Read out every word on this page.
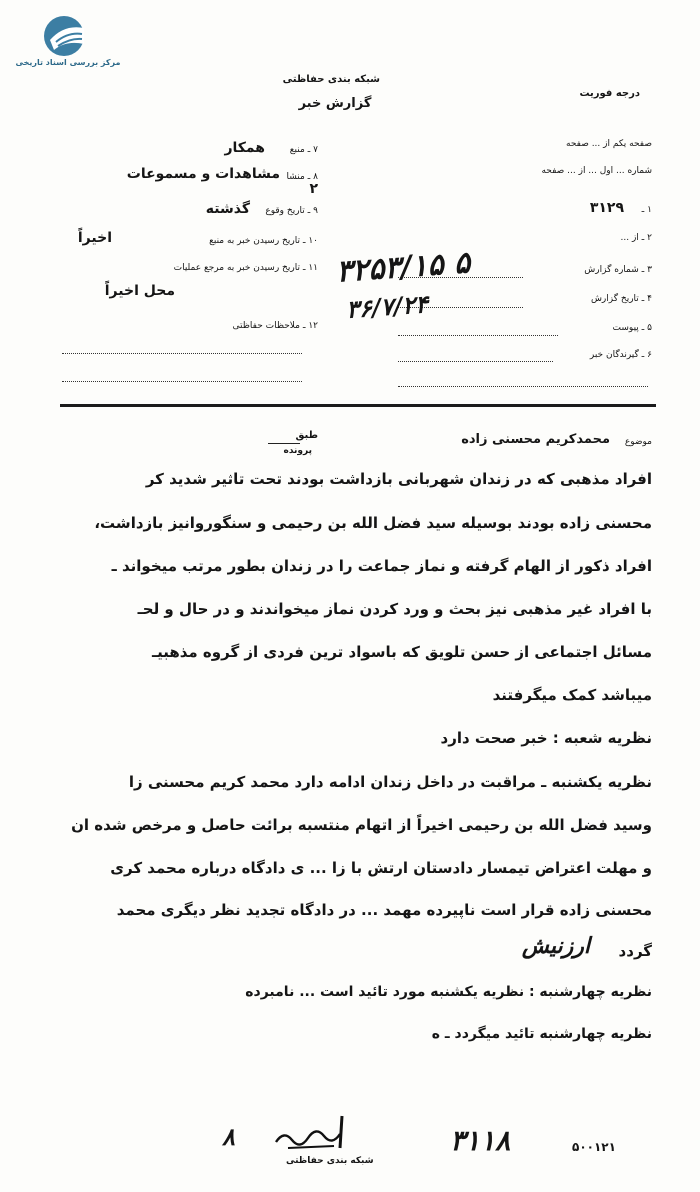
مرکز بررسی اسناد تاریخی
شبکه بندی حفاظتی
گزارش خبر
درجه فوریت
صفحه یکم از ... صفحه
شماره ... اول ... از ... صفحه
۲
۱ ـ
۳۱۲۹
۲ ـ از ...
۳ ـ شماره گزارش
۴ ـ تاریخ گزارش
۵ ـ پیوست
۶ ـ گیرندگان خبر
۷ ـ منبع
همکار
۸ ـ منشا
مشاهدات و مسموعات
۹ ـ تاریخ وقوع
گذشته
۱۰ ـ تاریخ رسیدن خبر به منبع
اخیراً
۱۱ ـ تاریخ رسیدن خبر به مرجع عملیات
محل اخیراً
۱۲ ـ ملاحظات حفاظتی
۳۲۵۳/۱۵ ۵
۳۶/۷/۲۴
طبق
پرونده
موضوع
محمدکریم محسنی زاده
افراد مذهبی که در زندان شهربانی بازداشت بودند تحت تاثیر شدید کر
محسنی زاده بودند بوسیله سید فضل الله بن رحیمی و سنگوروانیز بازداشت،
افراد ذکور از الهام گرفته و نماز جماعت را در زندان بطور مرتب میخواند ـ
با افراد غیر مذهبی نیز بحث و ورد کردن نماز میخواندند و در حال و لحـ
مسائل اجتماعی از حسن تلویق که باسواد ترین فردی از گروه مذهبیـ
میباشد کمک میگرفتند
نظریه شعبه : خبر صحت دارد
نظریه یکشنبه ـ مراقبت در داخل زندان ادامه دارد محمد کریم محسنی زا
وسید فضل الله بن رحیمی اخیراً از اتهام منتسبه برائت حاصل و مرخص شده ان
و مهلت اعتراض تیمسار دادستان ارتش با زا ... ی دادگاه درباره محمد کری
محسنی زاده قرار است ناپیرده مهمد ... در دادگاه تجدید نظر دیگری محمد
گردد
ارزنیش
نظریه چهارشنبه : نظریه یکشنبه مورد تائید است ... نامبرده
نظریه چهارشنبه تائید میگردد ـ ه
۸
شبکه بندی حفاظتی
۳۱۱۸	۵۰۰۱۲۱
